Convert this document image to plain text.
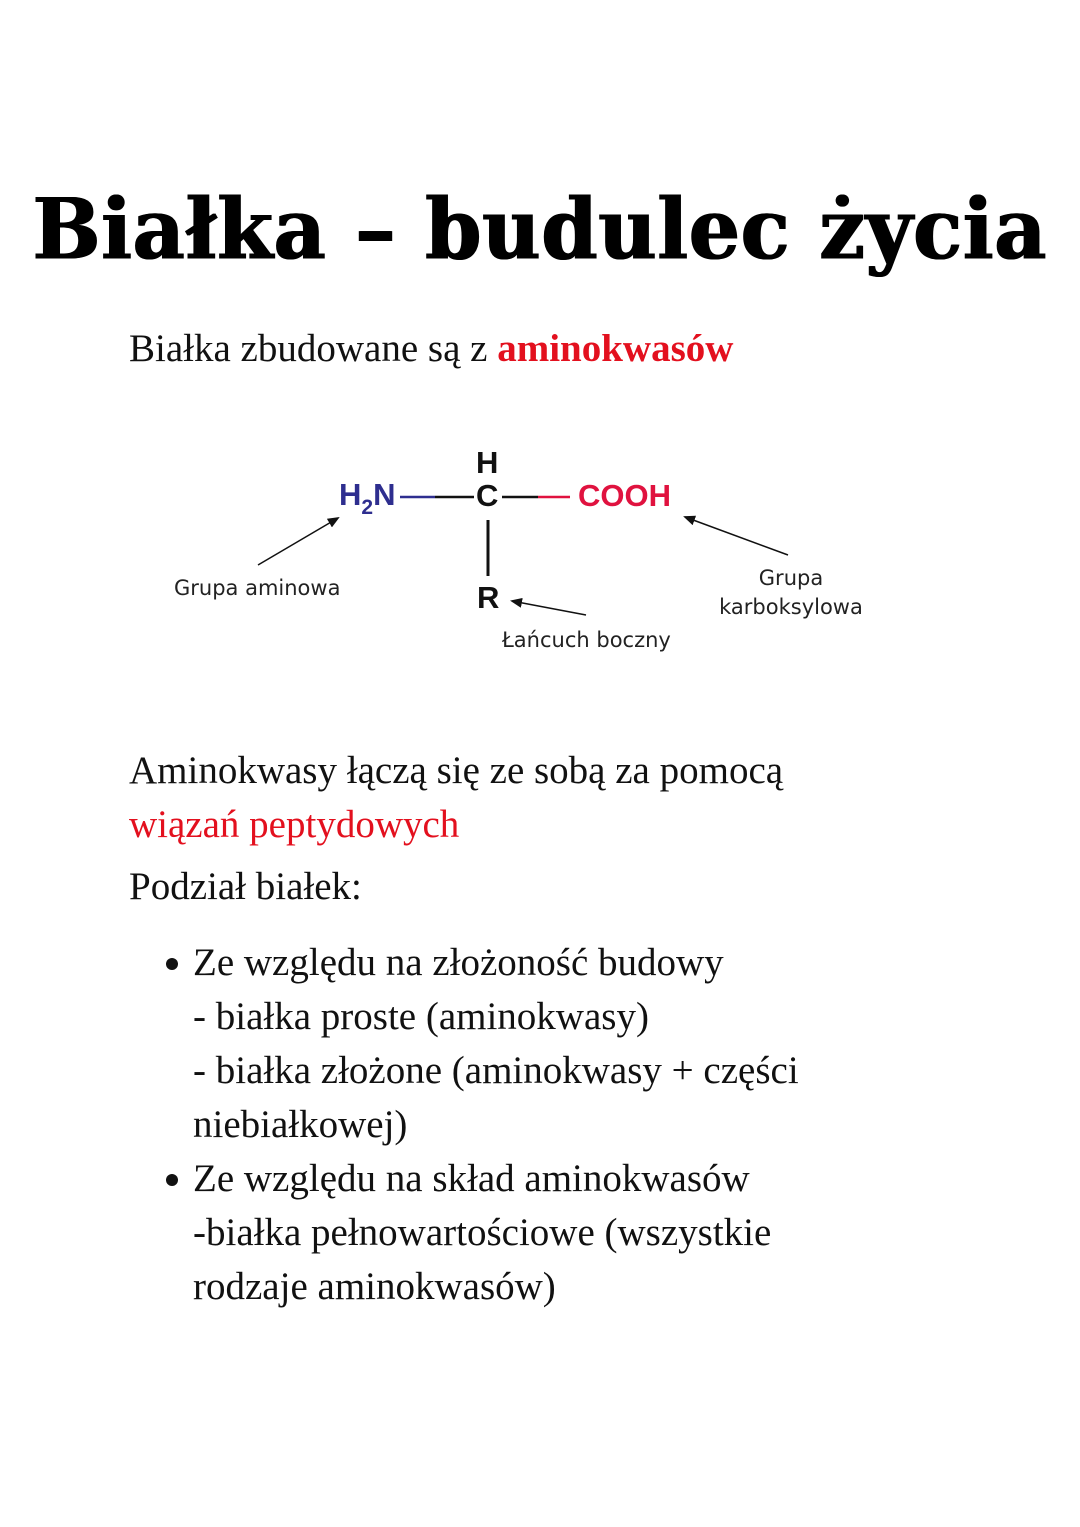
Białka – budulec życia
Białka zbudowane są z aminokwasów
$H_2N$
H
C	COOH
R
Grupa aminowa	Grupa
karboksylowa
Łańcuch boczny
Aminokwasy łączą się ze sobą za pomocą
wiązań peptydowych
Podział białek:
Ze względu na złożoność budowy
- białka proste (aminokwasy)
- białka złożone (aminokwasy + części
niebiałkowej)
Ze względu na skład aminokwasów
-białka pełnowartościowe (wszystkie
rodzaje aminokwasów)
